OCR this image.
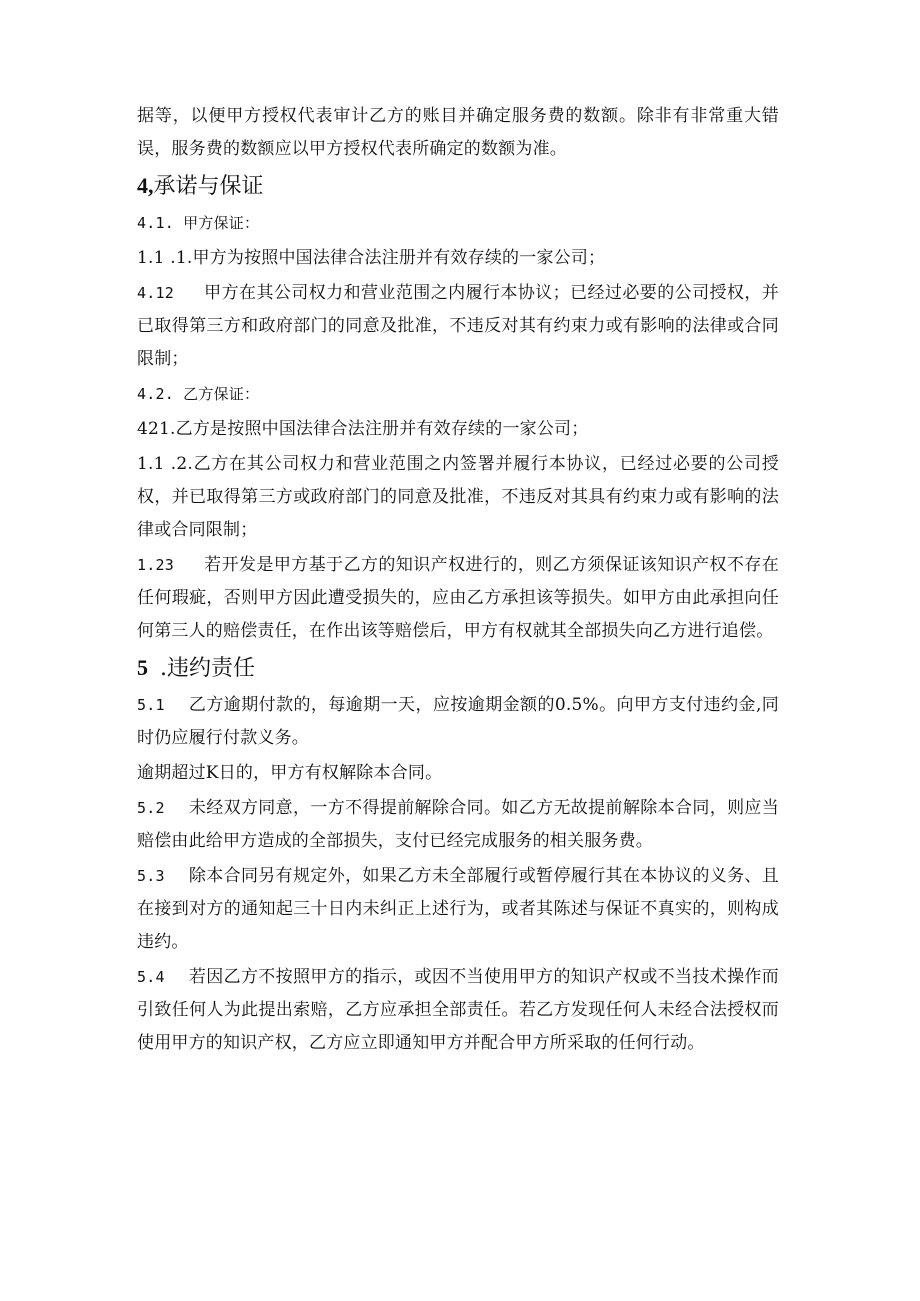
据等，以便甲方授权代表审计乙方的账目并确定服务费的数额。除非有非常重大错误，服务费的数额应以甲方授权代表所确定的数额为准。

4,承诺与保证

4.1. 甲方保证：

1.1 .1.甲方为按照中国法律合法注册并有效存续的一家公司；

4.12 甲方在其公司权力和营业范围之内履行本协议；已经过必要的公司授权，并已取得第三方和政府部门的同意及批准，不违反对其有约束力或有影响的法律或合同限制；

4.2. 乙方保证：

421.乙方是按照中国法律合法注册并有效存续的一家公司；

1.1 .2.乙方在其公司权力和营业范围之内签署并履行本协议，已经过必要的公司授权，并已取得第三方或政府部门的同意及批准，不违反对其具有约束力或有影响的法律或合同限制；

1.23 若开发是甲方基于乙方的知识产权进行的，则乙方须保证该知识产权不存在任何瑕疵，否则甲方因此遭受损失的，应由乙方承担该等损失。如甲方由此承担向任何第三人的赔偿责任，在作出该等赔偿后，甲方有权就其全部损失向乙方进行追偿。

5 .违约责任

5.1 乙方逾期付款的，每逾期一天，应按逾期金额的0.5%。向甲方支付违约金,同时仍应履行付款义务。

逾期超过K日的，甲方有权解除本合同。

5.2 未经双方同意，一方不得提前解除合同。如乙方无故提前解除本合同，则应当赔偿由此给甲方造成的全部损失，支付已经完成服务的相关服务费。

5.3 除本合同另有规定外，如果乙方未全部履行或暂停履行其在本协议的义务、且在接到对方的通知起三十日内未纠正上述行为，或者其陈述与保证不真实的，则构成违约。

5.4 若因乙方不按照甲方的指示，或因不当使用甲方的知识产权或不当技术操作而引致任何人为此提出索赔，乙方应承担全部责任。若乙方发现任何人未经合法授权而使用甲方的知识产权，乙方应立即通知甲方并配合甲方所采取的任何行动。
